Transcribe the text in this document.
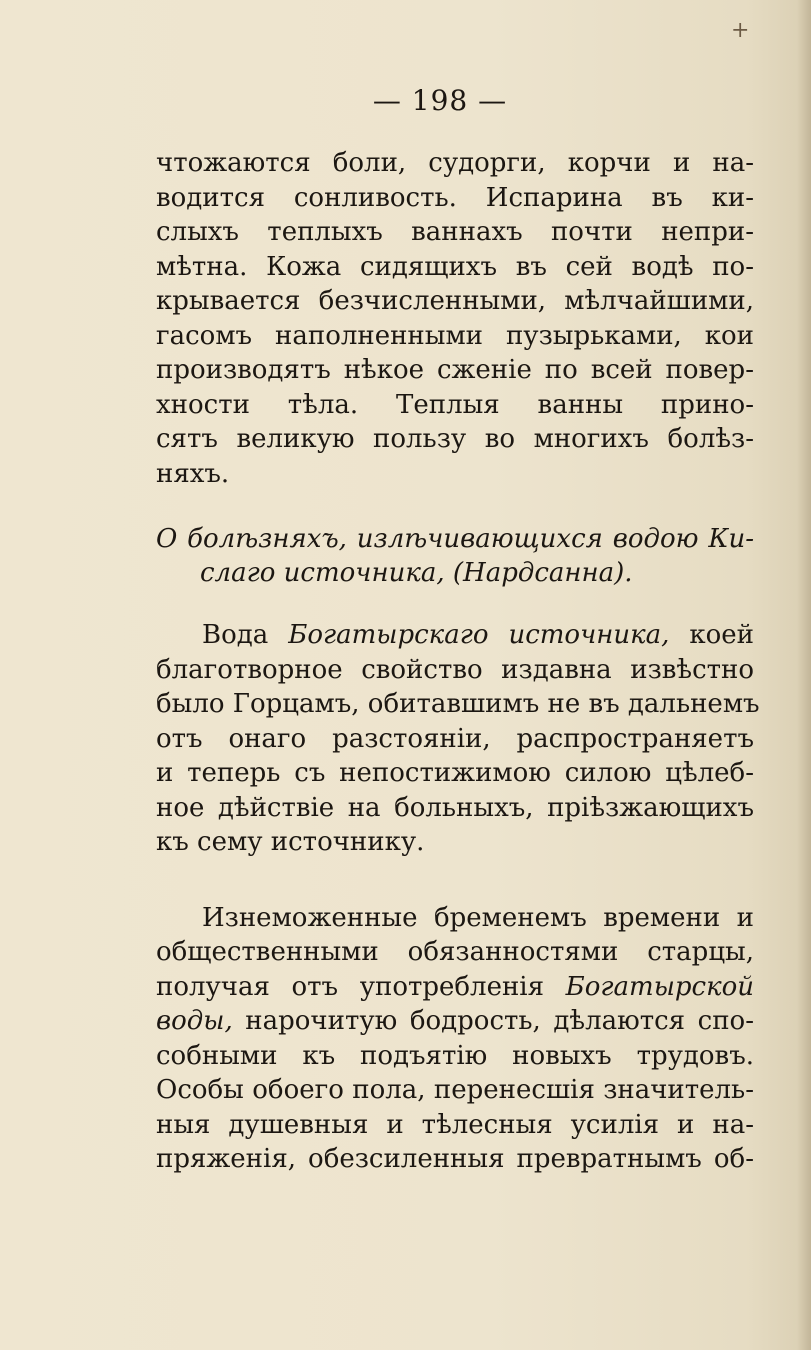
+
— 198 —
чтожаются боли, судорги, корчи и на-
водится сонливость. Испарина въ ки-
слыхъ теплыхъ ваннахъ почти непри-
мѣтна. Кожа сидящихъ въ сей водѣ по-
крывается безчисленными, мѣлчайшими,
гасомъ наполненными пузырьками, кои
производятъ нѣкое сженіе по всей повер-
хности тѣла. Теплыя ванны прино-
сятъ великую пользу во многихъ болѣз-
няхъ.
О болѣзняхъ, излѣчивающихся водою Ки-
слаго источника, (Нардсанна).
Вода Богатырскаго источника, коей
благотворное свойство издавна извѣстно
было Горцамъ, обитавшимъ не въ дальнемъ
отъ онаго разстояніи, распространяетъ
и теперь съ непостижимою силою цѣлеб-
ное дѣйствіе на больныхъ, пріѣзжающихъ
къ сему источнику.
Изнеможенные бременемъ времени и
общественными обязанностями старцы,
получая отъ употребленія Богатырской
воды, нарочитую бодрость, дѣлаются спо-
собными къ подъятію новыхъ трудовъ.
Особы обоего пола, перенесшія значитель-
ныя душевныя и тѣлесныя усилія и на-
пряженія, обезсиленныя превратнымъ об-
